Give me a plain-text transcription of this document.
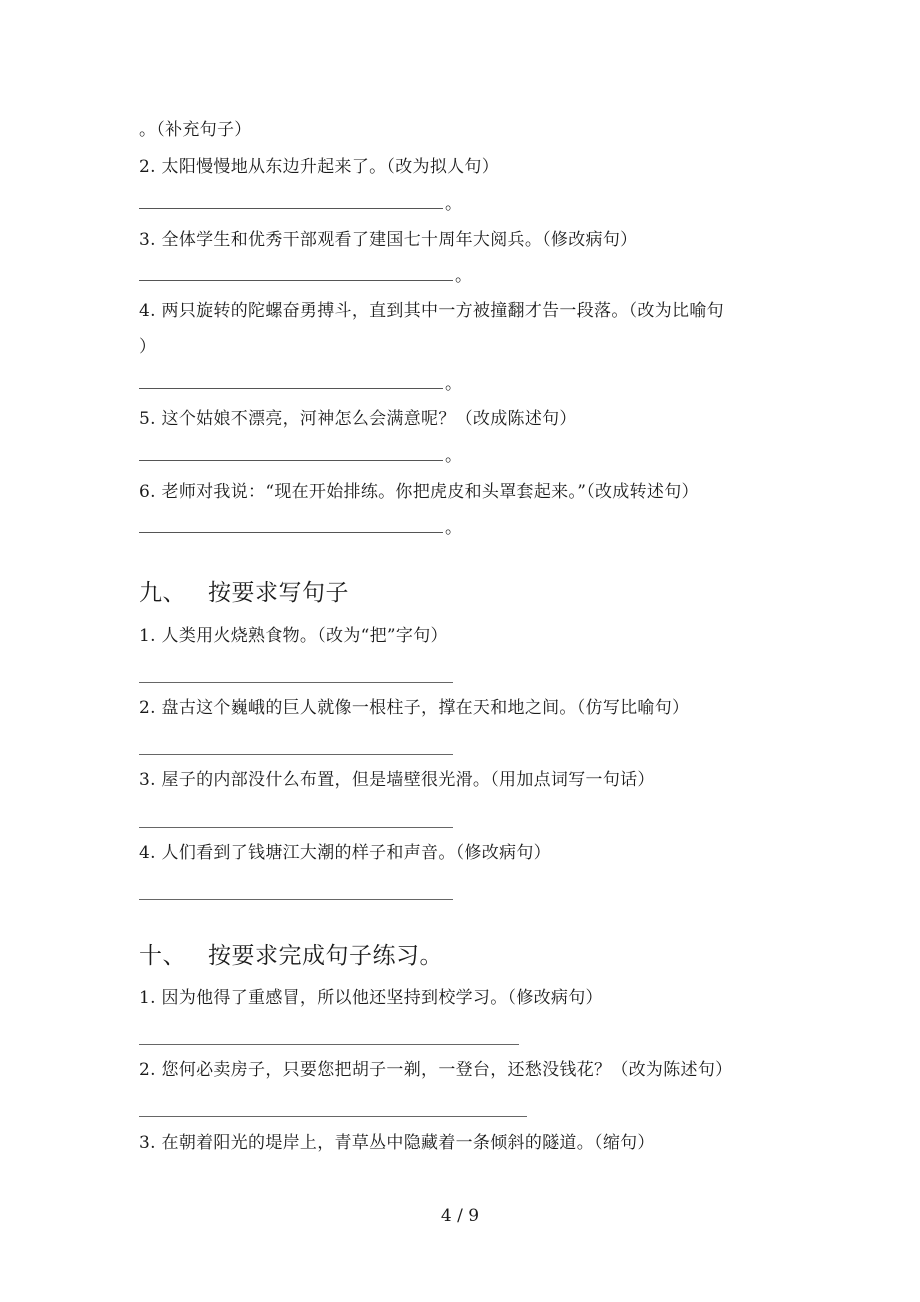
。（补充句子）
2. 太阳慢慢地从东边升起来了。（改为拟人句）
。
3. 全体学生和优秀干部观看了建国七十周年大阅兵。（修改病句）
。
4. 两只旋转的陀螺奋勇搏斗，直到其中一方被撞翻才告一段落。（改为比喻句
）
。
5. 这个姑娘不漂亮，河神怎么会满意呢？（改成陈述句）
。
6. 老师对我说：“现在开始排练。你把虎皮和头罩套起来。”（改成转述句）
。
九、 按要求写句子
1. 人类用火烧熟食物。（改为“把”字句）
2. 盘古这个巍峨的巨人就像一根柱子，撑在天和地之间。（仿写比喻句）
3. 屋子的内部没什么布置，但是墙壁很光滑。（用加点词写一句话）
4. 人们看到了钱塘江大潮的样子和声音。（修改病句）
十、 按要求完成句子练习。
1. 因为他得了重感冒，所以他还坚持到校学习。（修改病句）
2. 您何必卖房子，只要您把胡子一剃，一登台，还愁没钱花？（改为陈述句）
3. 在朝着阳光的堤岸上，青草丛中隐藏着一条倾斜的隧道。（缩句）
4 / 9
